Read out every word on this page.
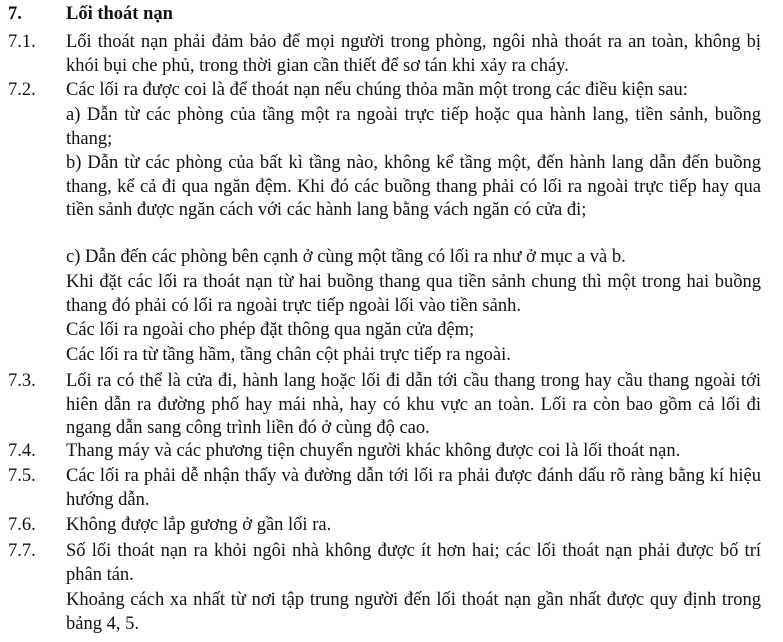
7. Lối thoát nạn
7.1. Lối thoát nạn phải đảm bảo để mọi người trong phòng, ngôi nhà thoát ra an toàn, không bị khói bụi che phủ, trong thời gian cần thiết để sơ tán khi xảy ra cháy.
7.2. Các lối ra được coi là để thoát nạn nếu chúng thỏa mãn một trong các điều kiện sau:
a) Dẫn từ các phòng của tầng một ra ngoài trực tiếp hoặc qua hành lang, tiền sảnh, buồng thang;
b) Dẫn từ các phòng của bất kì tầng nào, không kể tầng một, đến hành lang dẫn đến buồng thang, kể cả đi qua ngăn đệm. Khi đó các buồng thang phải có lối ra ngoài trực tiếp hay qua tiền sảnh được ngăn cách với các hành lang bằng vách ngăn có cửa đi;
c) Dẫn đến các phòng bên cạnh ở cùng một tầng có lối ra như ở mục a và b.
Khi đặt các lối ra thoát nạn từ hai buồng thang qua tiền sảnh chung thì một trong hai buồng thang đó phải có lối ra ngoài trực tiếp ngoài lối vào tiền sảnh.
Các lối ra ngoài cho phép đặt thông qua ngăn cửa đệm;
Các lối ra từ tầng hầm, tầng chân cột phải trực tiếp ra ngoài.
7.3. Lối ra có thể là cửa đi, hành lang hoặc lối đi dẫn tới cầu thang trong hay cầu thang ngoài tới hiên dẫn ra đường phố hay mái nhà, hay có khu vực an toàn. Lối ra còn bao gồm cả lối đi ngang dẫn sang công trình liền đó ở cùng độ cao.
7.4. Thang máy và các phương tiện chuyển người khác không được coi là lối thoát nạn.
7.5. Các lối ra phải dễ nhận thấy và đường dẫn tới lối ra phải được đánh dấu rõ ràng bằng kí hiệu hướng dẫn.
7.6. Không được lắp gương ở gần lối ra.
7.7. Số lối thoát nạn ra khỏi ngôi nhà không được ít hơn hai; các lối thoát nạn phải được bố trí phân tán.
Khoảng cách xa nhất từ nơi tập trung người đến lối thoát nạn gần nhất được quy định trong bảng 4, 5.
